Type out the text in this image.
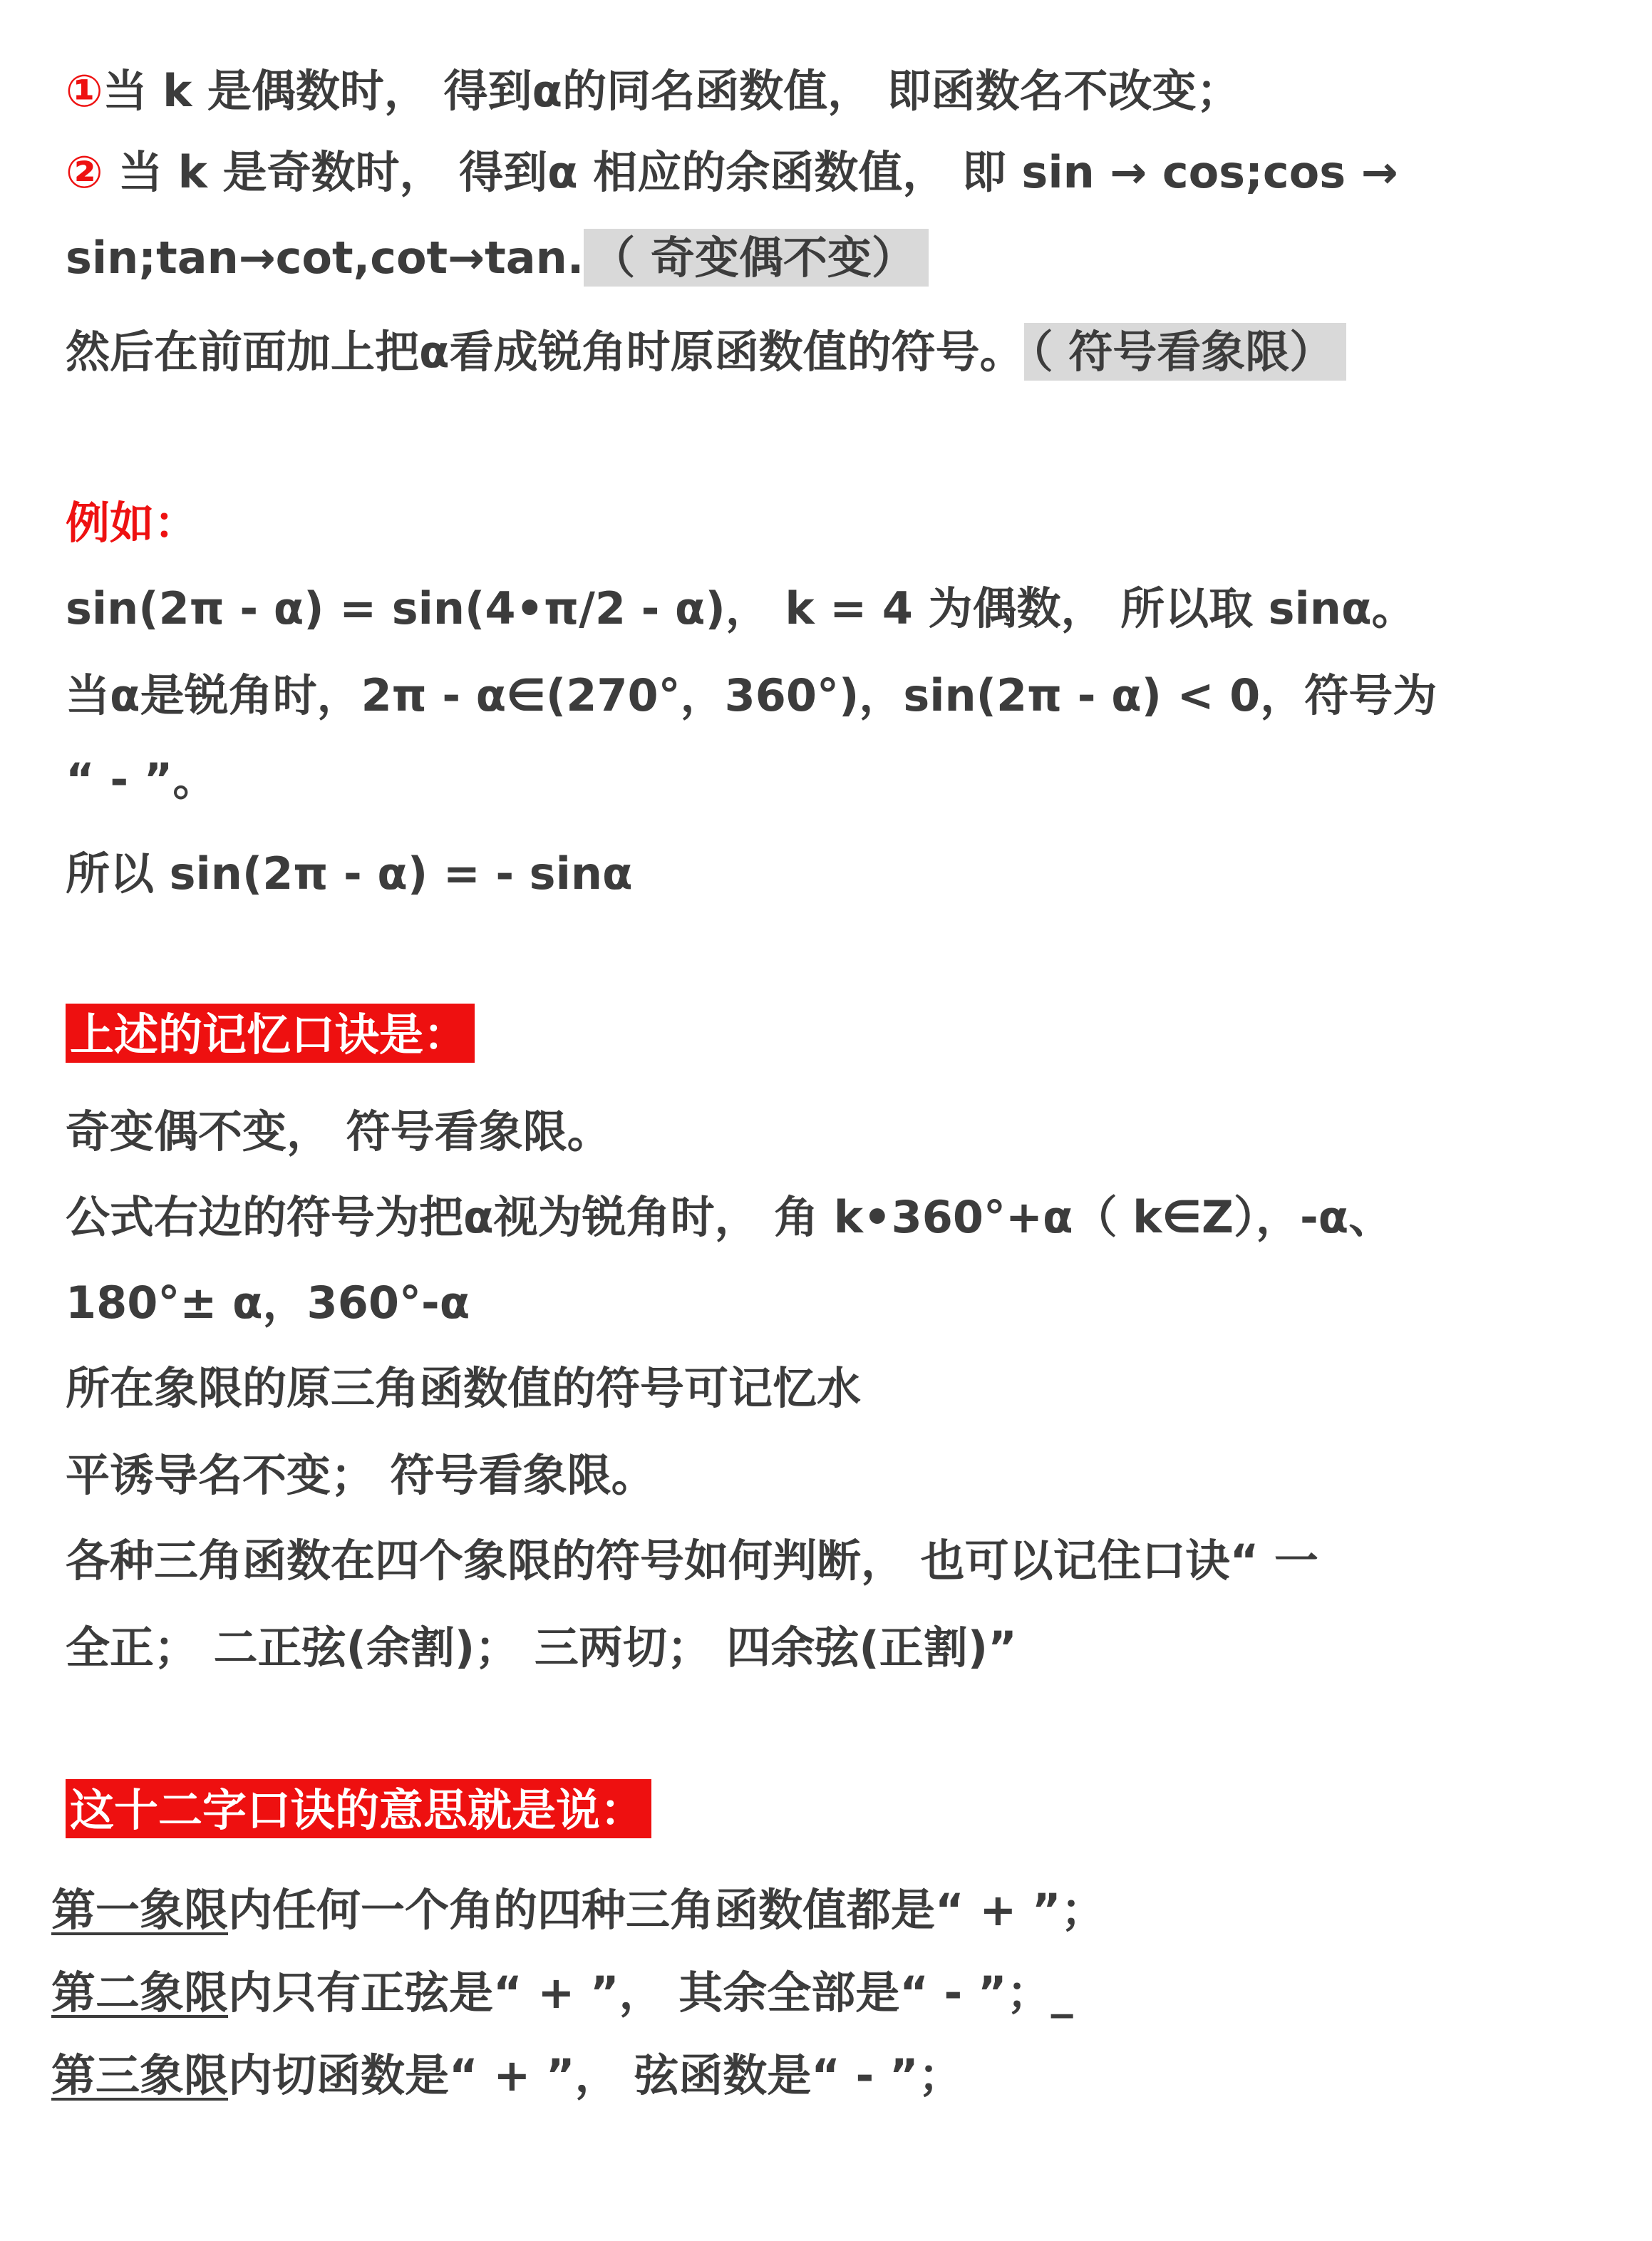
①当 k 是偶数时， 得到α的同名函数值， 即函数名不改变；
② 当 k 是奇数时， 得到α 相应的余函数值， 即 sin → cos;cos →
sin;tan→cot,cot→tan. （ 奇变偶不变）
然后在前面加上把α看成锐角时原函数值的符号。 （ 符号看象限）
例如：
sin(2π - α) = sin(4•π/2 - α)， k = 4 为偶数， 所以取 sinα。
当α是锐角时，2π - α∈(270°，360°)，sin(2π - α) < 0，符号为
“ - ”。
所以 sin(2π - α) = - sinα
上述的记忆口诀是：
奇变偶不变， 符号看象限。
公式右边的符号为把α视为锐角时， 角 k•360°+α（ k∈Z），-α、
180°± α，360°-α
所在象限的原三角函数值的符号可记忆水
平诱导名不变； 符号看象限。
各种三角函数在四个象限的符号如何判断， 也可以记住口诀“ 一
全正； 二正弦(余割)； 三两切； 四余弦(正割)”
这十二字口诀的意思就是说：
第一象限内任何一个角的四种三角函数值都是“ + ”；
第二象限内只有正弦是“ + ”， 其余全部是“ - ”；_
第三象限内切函数是“ + ”， 弦函数是“ - ”；
